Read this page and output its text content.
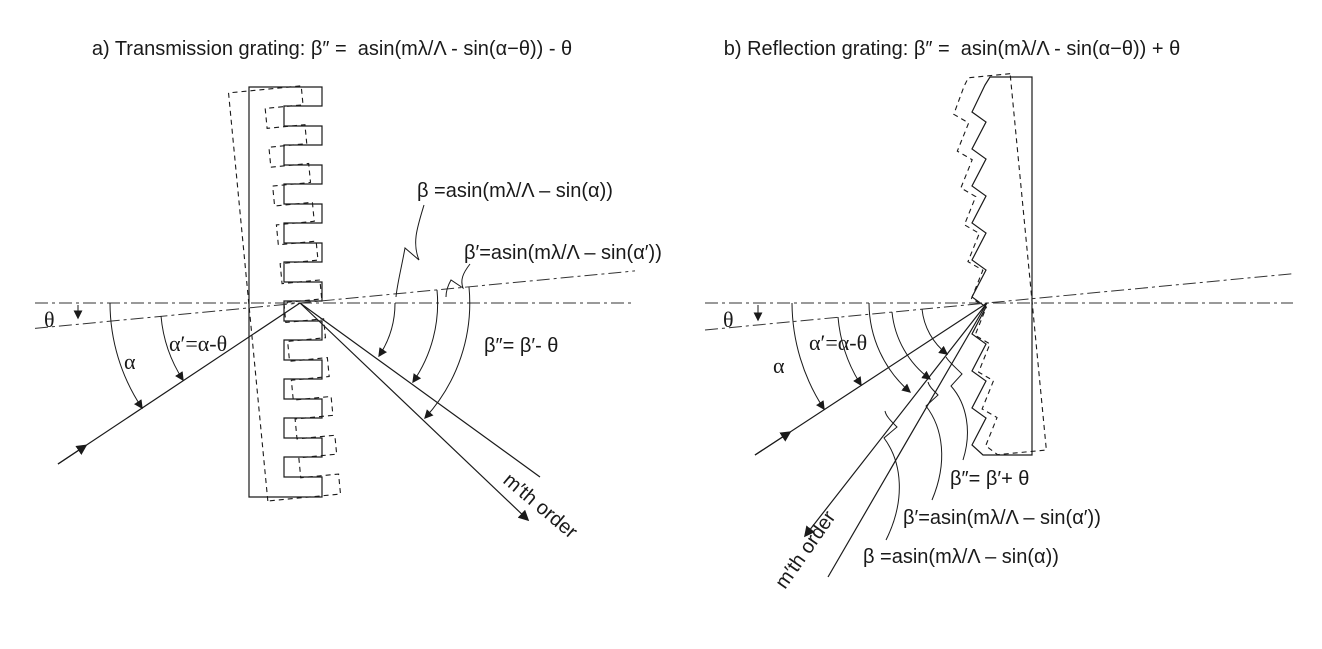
a) Transmission grating: β″ =  asin(mλ/Λ - sin(α−θ)) - θ	b) Reflection grating: β″ =  asin(mλ/Λ - sin(α−θ)) + θ
θ
α
α′=α-θ
β =asin(mλ/Λ – sin(α))
β′=asin(mλ/Λ – sin(α′))
β″= β′- θ
m′th order
θ
α
α′=α-θ
β″= β′+ θ
β′=asin(mλ/Λ – sin(α′))
β =asin(mλ/Λ – sin(α))
m′th order
